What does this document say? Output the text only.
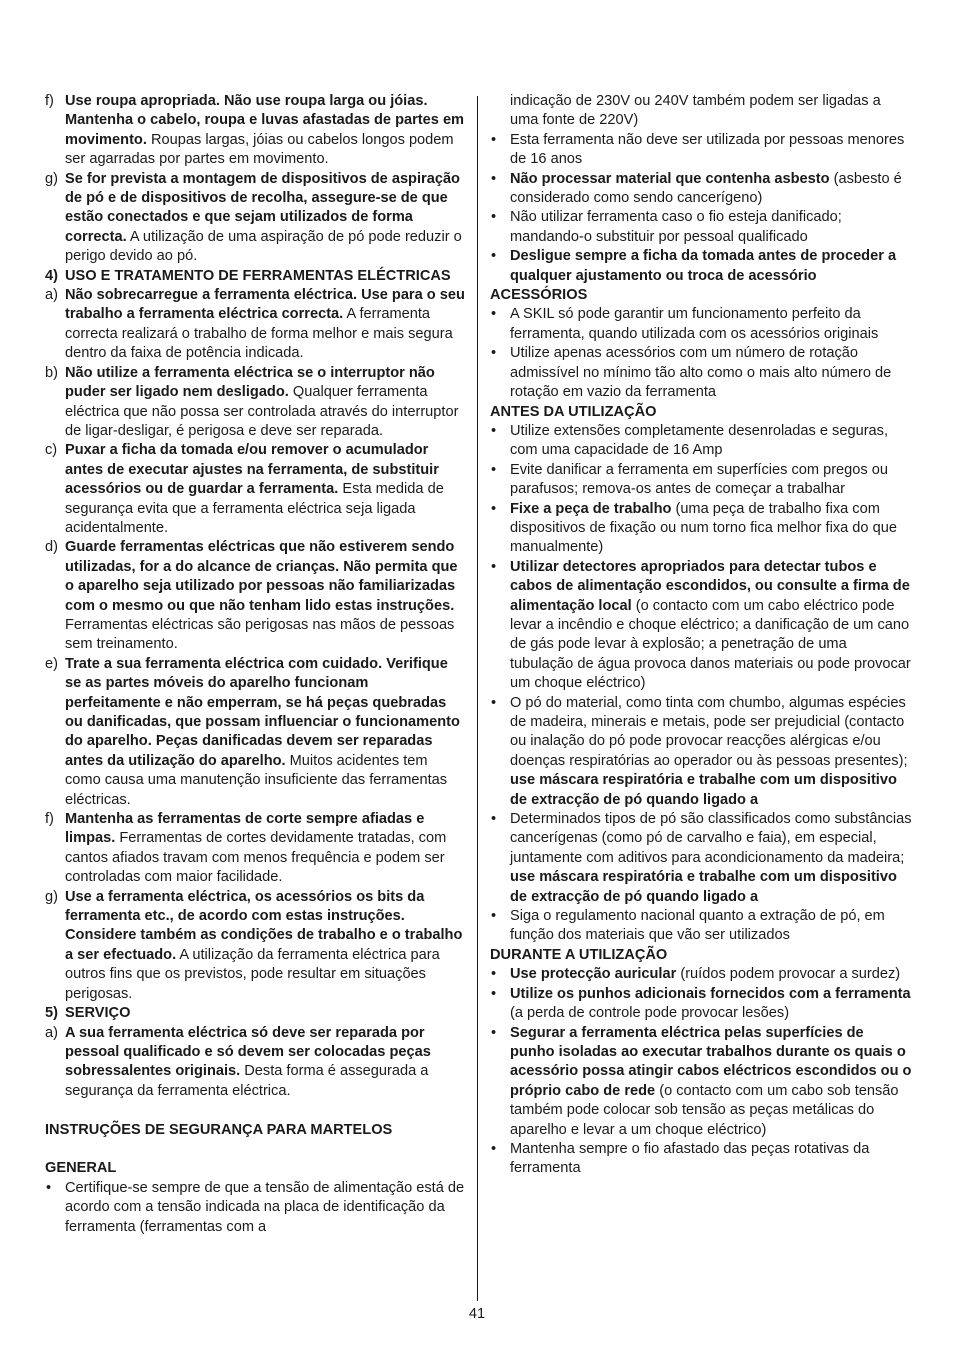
f) Use roupa apropriada. Não use roupa larga ou jóias. Mantenha o cabelo, roupa e luvas afastadas de partes em movimento. Roupas largas, jóias ou cabelos longos podem ser agarradas por partes em movimento.

g) Se for prevista a montagem de dispositivos de aspiração de pó e de dispositivos de recolha, assegure-se de que estão conectados e que sejam utilizados de forma correcta. A utilização de uma aspiração de pó pode reduzir o perigo devido ao pó.

4) USO E TRATAMENTO DE FERRAMENTAS ELÉCTRICAS

a) Não sobrecarregue a ferramenta eléctrica. Use para o seu trabalho a ferramenta eléctrica correcta. A ferramenta correcta realizará o trabalho de forma melhor e mais segura dentro da faixa de potência indicada.

b) Não utilize a ferramenta eléctrica se o interruptor não puder ser ligado nem desligado. Qualquer ferramenta eléctrica que não possa ser controlada através do interruptor de ligar-desligar, é perigosa e deve ser reparada.

c) Puxar a ficha da tomada e/ou remover o acumulador antes de executar ajustes na ferramenta, de substituir acessórios ou de guardar a ferramenta. Esta medida de segurança evita que a ferramenta eléctrica seja ligada acidentalmente.

d) Guarde ferramentas eléctricas que não estiverem sendo utilizadas, for a do alcance de crianças. Não permita que o aparelho seja utilizado por pessoas não familiarizadas com o mesmo ou que não tenham lido estas instruções. Ferramentas eléctricas são perigosas nas mãos de pessoas sem treinamento.

e) Trate a sua ferramenta eléctrica com cuidado. Verifique se as partes móveis do aparelho funcionam perfeitamente e não emperram, se há peças quebradas ou danificadas, que possam influenciar o funcionamento do aparelho. Peças danificadas devem ser reparadas antes da utilização do aparelho. Muitos acidentes tem como causa uma manutenção insuficiente das ferramentas eléctricas.

f) Mantenha as ferramentas de corte sempre afiadas e limpas. Ferramentas de cortes devidamente tratadas, com cantos afiados travam com menos frequência e podem ser controladas com maior facilidade.

g) Use a ferramenta eléctrica, os acessórios os bits da ferramenta etc., de acordo com estas instruções. Considere também as condições de trabalho e o trabalho a ser efectuado. A utilização da ferramenta eléctrica para outros fins que os previstos, pode resultar em situações perigosas.

5) SERVIÇO

a) A sua ferramenta eléctrica só deve ser reparada por pessoal qualificado e só devem ser colocadas peças sobressalentes originais. Desta forma é assegurada a segurança da ferramenta eléctrica.

INSTRUÇÕES DE SEGURANÇA PARA MARTELOS

GENERAL

• Certifique-se sempre de que a tensão de alimentação está de acordo com a tensão indicada na placa de identificação da ferramenta (ferramentas com a

indicação de 230V ou 240V também podem ser ligadas a uma fonte de 220V)

• Esta ferramenta não deve ser utilizada por pessoas menores de 16 anos

• Não processar material que contenha asbesto (asbesto é considerado como sendo cancerígeno)

• Não utilizar ferramenta caso o fio esteja danificado; mandando-o substituir por pessoal qualificado

• Desligue sempre a ficha da tomada antes de proceder a qualquer ajustamento ou troca de acessório

ACESSÓRIOS

• A SKIL só pode garantir um funcionamento perfeito da ferramenta, quando utilizada com os acessórios originais

• Utilize apenas acessórios com um número de rotação admissível no mínimo tão alto como o mais alto número de rotação em vazio da ferramenta

ANTES DA UTILIZAÇÃO

• Utilize extensões completamente desenroladas e seguras, com uma capacidade de 16 Amp

• Evite danificar a ferramenta em superfícies com pregos ou parafusos; remova-os antes de começar a trabalhar

• Fixe a peça de trabalho (uma peça de trabalho fixa com dispositivos de fixação ou num torno fica melhor fixa do que manualmente)

• Utilizar detectores apropriados para detectar tubos e cabos de alimentação escondidos, ou consulte a firma de alimentação local (o contacto com um cabo eléctrico pode levar a incêndio e choque eléctrico; a danificação de um cano de gás pode levar à explosão; a penetração de uma tubulação de água provoca danos materiais ou pode provocar um choque eléctrico)

• O pó do material, como tinta com chumbo, algumas espécies de madeira, minerais e metais, pode ser prejudicial (contacto ou inalação do pó pode provocar reacções alérgicas e/ou doenças respiratórias ao operador ou às pessoas presentes); use máscara respiratória e trabalhe com um dispositivo de extracção de pó quando ligado a

• Determinados tipos de pó são classificados como substâncias cancerígenas (como pó de carvalho e faia), em especial, juntamente com aditivos para acondicionamento da madeira; use máscara respiratória e trabalhe com um dispositivo de extracção de pó quando ligado a

• Siga o regulamento nacional quanto a extração de pó, em função dos materiais que vão ser utilizados

DURANTE A UTILIZAÇÃO

• Use protecção auricular (ruídos podem provocar a surdez)

• Utilize os punhos adicionais fornecidos com a ferramenta (a perda de controle pode provocar lesões)

• Segurar a ferramenta eléctrica pelas superfícies de punho isoladas ao executar trabalhos durante os quais o acessório possa atingir cabos eléctricos escondidos ou o próprio cabo de rede (o contacto com um cabo sob tensão também pode colocar sob tensão as peças metálicas do aparelho e levar a um choque eléctrico)

• Mantenha sempre o fio afastado das peças rotativas da ferramenta

41
